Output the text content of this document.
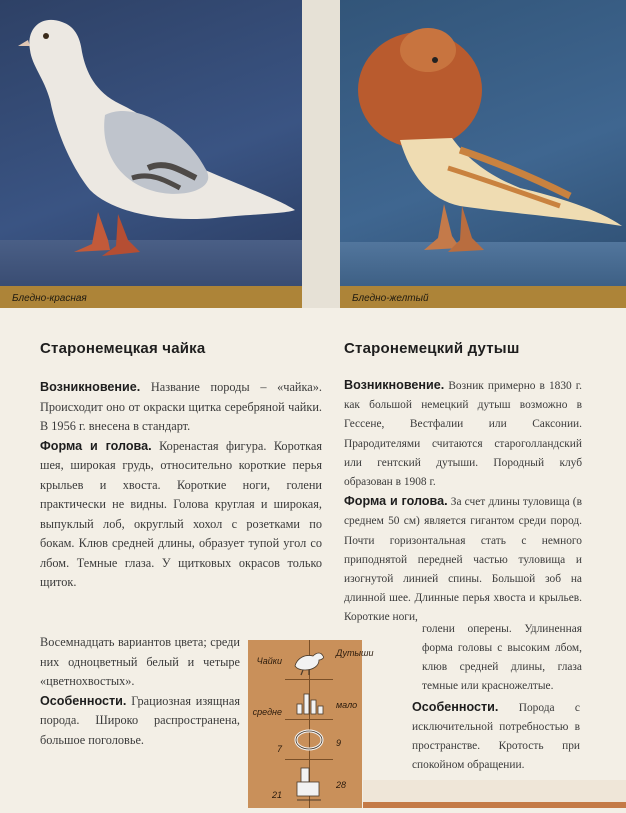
Бледно-красная	Бледно-желтый
Старонемецкая чайка	Старонемецкий дутыш

Возникновение. Название породы – «чайка». Происходит оно от окраски щитка серебряной чайки. В 1956 г. внесена в стандарт.

Форма и голова. Коренастая фигура. Короткая шея, широкая грудь, относительно короткие перья крыльев и хвоста. Короткие ноги, голени практически не видны. Голова круглая и широкая, выпуклый лоб, округлый хохол с розетками по бокам. Клюв средней длины, образует тупой угол со лбом. Темные глаза. У щитковых окрасов только щиток.

Восемнадцать вариантов цвета; среди них одноцветный белый и четыре «цветнохвостых».

Особенности. Грациозная изящная порода. Широко распространена, большое поголовье.

Возникновение. Возник примерно в 1830 г. как большой немецкий дутыш возможно в Гессене, Вестфалии или Саксонии. Прародителями считаются староголландский или гентский дутыши. Породный клуб образован в 1908 г.

Форма и голова. За счет длины туловища (в среднем 50 см) является гигантом среди пород. Почти горизонтальная стать с немного приподнятой передней частью туловища и изогнутой линией спины. Большой зоб на длинной шее. Длинные перья хвоста и крыльев. Короткие ноги,

голени оперены. Удлиненная форма головы с высоким лбом, клюв средней длины, глаза темные или красножелтые.

Особенности. Порода с исключительной потребностью в пространстве. Кротость при спокойном обращении.

Чайки
Дутыши
средне
мало
7
9
21
28
